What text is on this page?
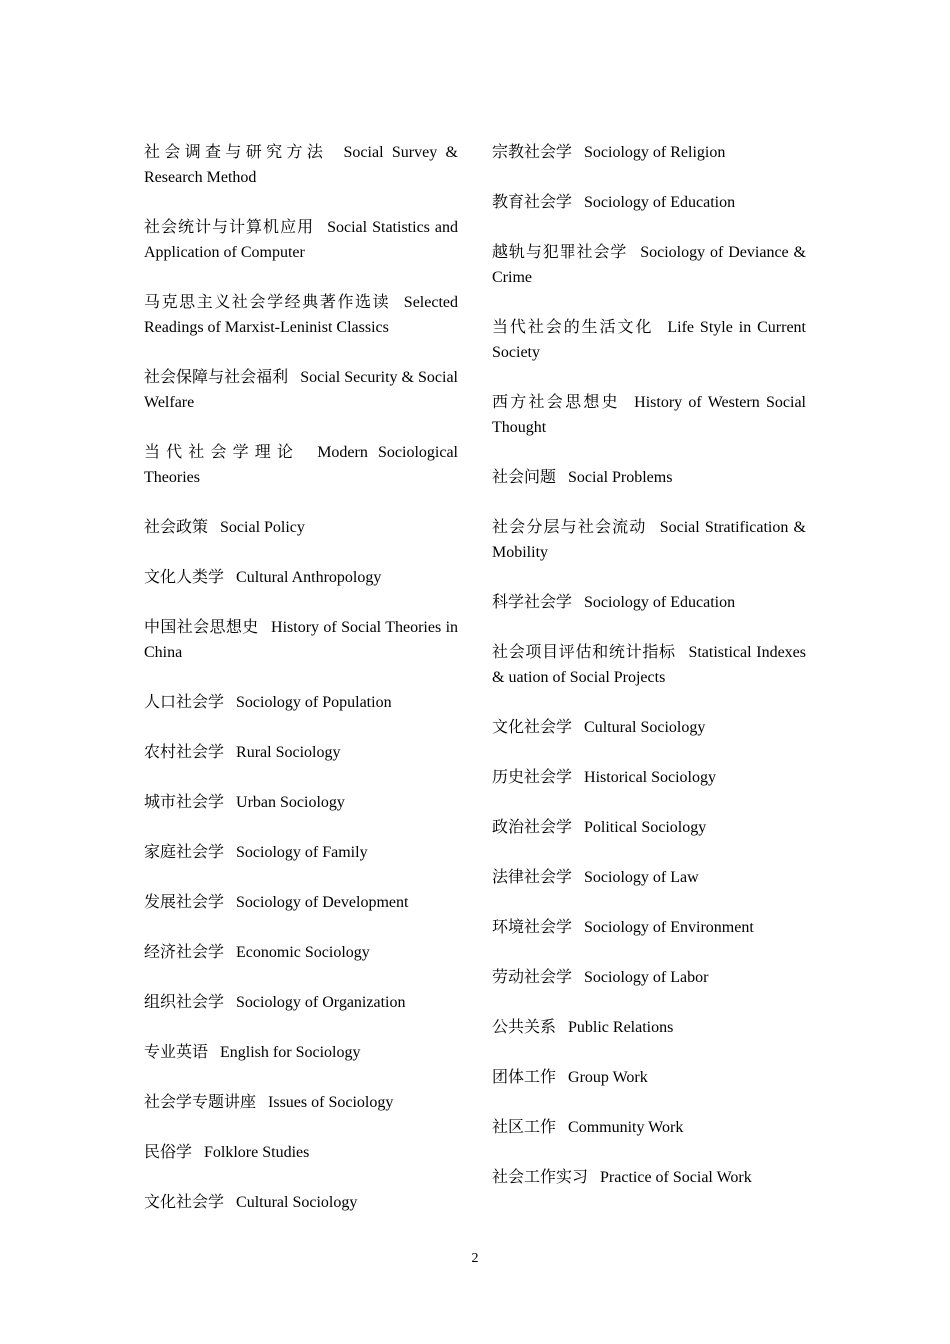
社会调查与研究方法 Social Survey & Research Method

社会统计与计算机应用 Social Statistics and Application of Computer

马克思主义社会学经典著作选读 Selected Readings of Marxist-Leninist Classics

社会保障与社会福利 Social Security & Social Welfare

当代社会学理论 Modern Sociological Theories

社会政策 Social Policy

文化人类学 Cultural Anthropology

中国社会思想史 History of Social Theories in China

人口社会学 Sociology of Population

农村社会学 Rural Sociology

城市社会学 Urban Sociology

家庭社会学 Sociology of Family

发展社会学 Sociology of Development

经济社会学 Economic Sociology

组织社会学 Sociology of Organization

专业英语 English for Sociology

社会学专题讲座 Issues of Sociology

民俗学 Folklore Studies

文化社会学 Cultural Sociology

宗教社会学 Sociology of Religion

教育社会学 Sociology of Education

越轨与犯罪社会学 Sociology of Deviance & Crime

当代社会的生活文化 Life Style in Current Society

西方社会思想史 History of Western Social Thought

社会问题 Social Problems

社会分层与社会流动 Social Stratification & Mobility

科学社会学 Sociology of Education

社会项目评估和统计指标 Statistical Indexes & uation of Social Projects

文化社会学 Cultural Sociology

历史社会学 Historical Sociology

政治社会学 Political Sociology

法律社会学 Sociology of Law

环境社会学 Sociology of Environment

劳动社会学 Sociology of Labor

公共关系 Public Relations

团体工作 Group Work

社区工作 Community Work

社会工作实习 Practice of Social Work

2
